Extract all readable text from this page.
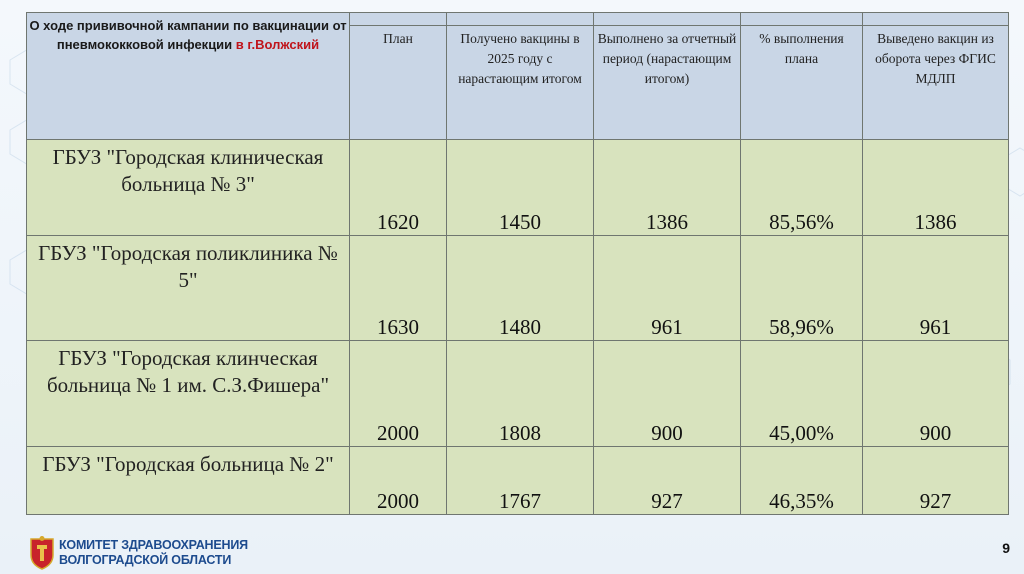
О ходе прививочной кампании по вакцинации от пневмококковой инфекции в г.Волжский	План	Получено вакцины в 2025 году с нарастающим итогом	Выполнено за отчетный период (нарастающим итогом)	% выполнения плана	Выведено вакцин из оборота через ФГИС МДЛП

ГБУЗ "Городская клиническая больница № 3"	1620	1450	1386	85,56%	1386
ГБУЗ "Городская поликлиника № 5"	1630	1480	961	58,96%	961
ГБУЗ "Городская клинческая больница № 1 им. С.З.Фишера"	2000	1808	900	45,00%	900
ГБУЗ "Городская больница № 2"	2000	1767	927	46,35%	927
КОМИТЕТ ЗДРАВООХРАНЕНИЯ
ВОЛГОГРАДСКОЙ ОБЛАСТИ
9
